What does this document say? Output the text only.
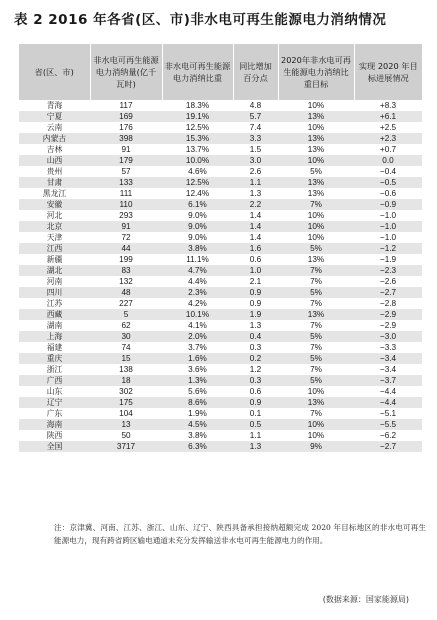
表 2 2016 年各省(区、市)非水电可再生能源电力消纳情况
省(区、市)	非水电可再生能源电力消纳量(亿千瓦时)	非水电可再生能源电力消纳比重	同比增加百分点	2020年非水电可再生能源电力消纳比重目标	实现 2020 年目标进展情况
青海	117	18.3%	4.8	10%	+8.3
宁夏	169	19.1%	5.7	13%	+6.1
云南	176	12.5%	7.4	10%	+2.5
内蒙古	398	15.3%	3.3	13%	+2.3
吉林	91	13.7%	1.5	13%	+0.7
山西	179	10.0%	3.0	10%	0.0
贵州	57	4.6%	2.6	5%	−0.4
甘肃	133	12.5%	1.1	13%	−0.5
黑龙江	111	12.4%	1.3	13%	−0.6
安徽	110	6.1%	2.2	7%	−0.9
河北	293	9.0%	1.4	10%	−1.0
北京	91	9.0%	1.4	10%	−1.0
天津	72	9.0%	1.4	10%	−1.0
江西	44	3.8%	1.6	5%	−1.2
新疆	199	11.1%	0.6	13%	−1.9
湖北	83	4.7%	1.0	7%	−2.3
河南	132	4.4%	2.1	7%	−2.6
四川	48	2.3%	0.9	5%	−2.7
江苏	227	4.2%	0.9	7%	−2.8
西藏	5	10.1%	1.9	13%	−2.9
湖南	62	4.1%	1.3	7%	−2.9
上海	30	2.0%	0.4	5%	−3.0
福建	74	3.7%	0.3	7%	−3.3
重庆	15	1.6%	0.2	5%	−3.4
浙江	138	3.6%	1.2	7%	−3.4
广西	18	1.3%	0.3	5%	−3.7
山东	302	5.6%	0.6	10%	−4.4
辽宁	175	8.6%	0.9	13%	−4.4
广东	104	1.9%	0.1	7%	−5.1
海南	13	4.5%	0.5	10%	−5.5
陕西	50	3.8%	1.1	10%	−6.2
全国	3717	6.3%	1.3	9%	−2.7
注：京津冀、河南、江苏、浙江、山东、辽宁、陕西具备承担接纳超额完成 2020 年目标地区的非水电可再生能源电力，现有跨省跨区输电通道未充分发挥输送非水电可再生能源电力的作用。
(数据来源：国家能源局)
